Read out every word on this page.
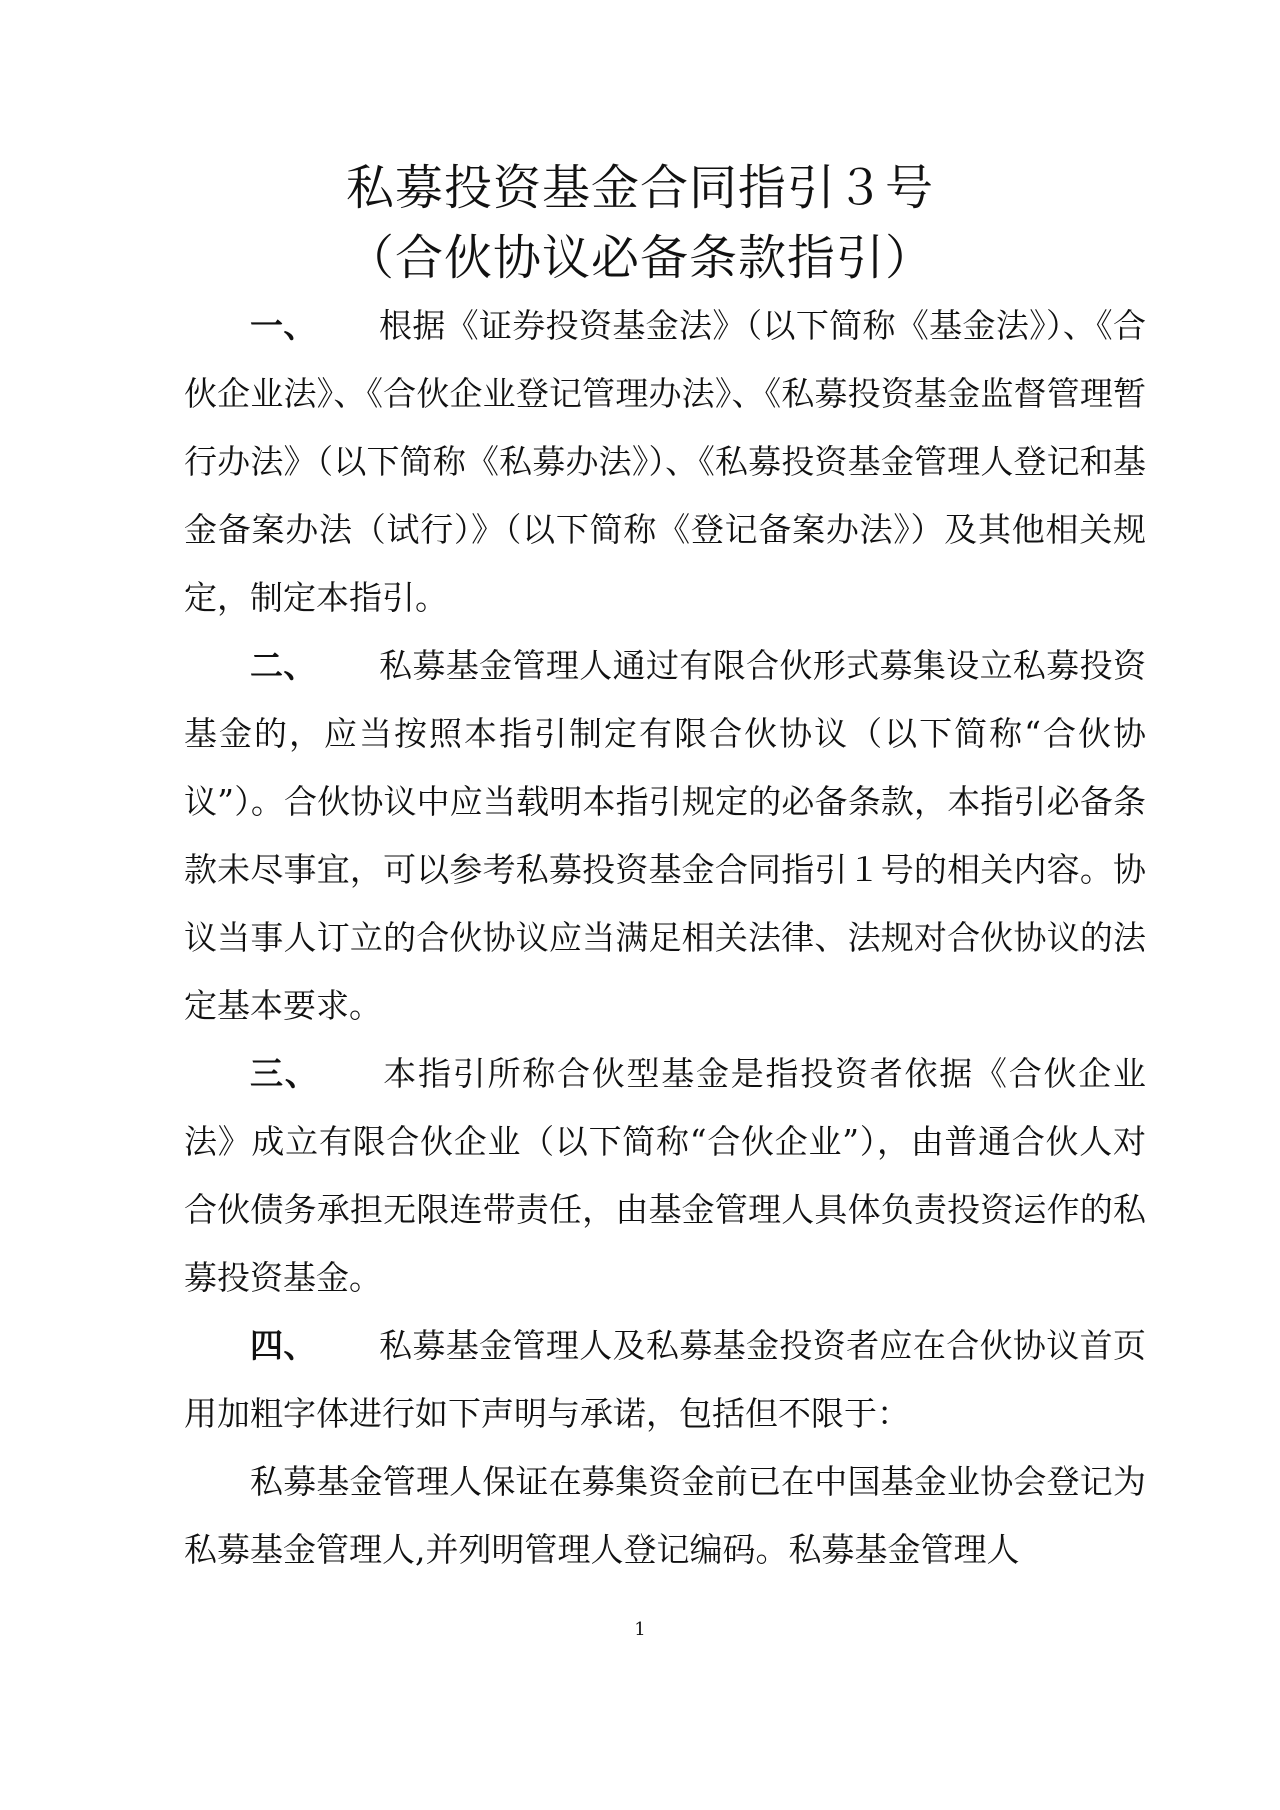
私募投资基金合同指引３号
（合伙协议必备条款指引）

一、 根据《证券投资基金法》（以下简称《基金法》）、《合伙企业法》、《合伙企业登记管理办法》、《私募投资基金监督管理暂行办法》（以下简称《私募办法》）、《私募投资基金管理人登记和基金备案办法（试行）》（以下简称《登记备案办法》）及其他相关规定，制定本指引。

二、 私募基金管理人通过有限合伙形式募集设立私募投资基金的，应当按照本指引制定有限合伙协议（以下简称“合伙协议”）。合伙协议中应当载明本指引规定的必备条款，本指引必备条款未尽事宜，可以参考私募投资基金合同指引１号的相关内容。协议当事人订立的合伙协议应当满足相关法律、法规对合伙协议的法定基本要求。

三、 本指引所称合伙型基金是指投资者依据《合伙企业法》成立有限合伙企业（以下简称“合伙企业”），由普通合伙人对合伙债务承担无限连带责任，由基金管理人具体负责投资运作的私募投资基金。

四、 私募基金管理人及私募基金投资者应在合伙协议首页用加粗字体进行如下声明与承诺，包括但不限于：

私募基金管理人保证在募集资金前已在中国基金业协会登记为私募基金管理人,并列明管理人登记编码。私募基金管理人

1
